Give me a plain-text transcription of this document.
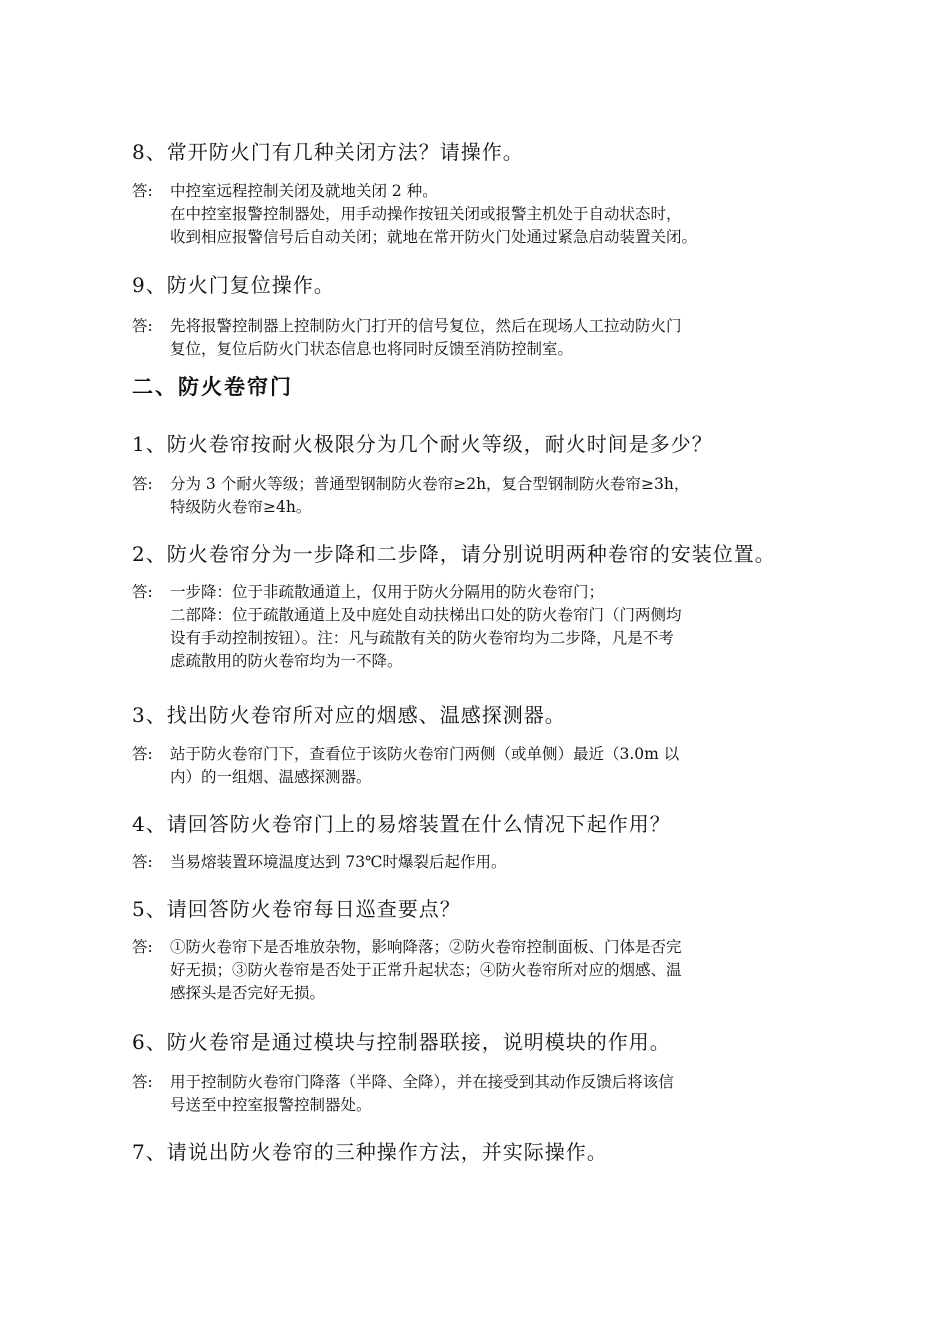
8、常开防火门有几种关闭方法？请操作。
答:	中控室远程控制关闭及就地关闭 2 种。
在中控室报警控制器处，用手动操作按钮关闭或报警主机处于自动状态时，
收到相应报警信号后自动关闭；就地在常开防火门处通过紧急启动装置关闭。
9、防火门复位操作。
答:	先将报警控制器上控制防火门打开的信号复位，然后在现场人工拉动防火门
复位，复位后防火门状态信息也将同时反馈至消防控制室。
二、防火卷帘门
1、防火卷帘按耐火极限分为几个耐火等级，耐火时间是多少？
答:	分为 3 个耐火等级；普通型钢制防火卷帘≥2h，复合型钢制防火卷帘≥3h，
特级防火卷帘≥4h。
2、防火卷帘分为一步降和二步降，请分别说明两种卷帘的安装位置。
答:	一步降：位于非疏散通道上，仅用于防火分隔用的防火卷帘门；
二部降：位于疏散通道上及中庭处自动扶梯出口处的防火卷帘门（门两侧均
设有手动控制按钮）。注：凡与疏散有关的防火卷帘均为二步降，凡是不考
虑疏散用的防火卷帘均为一不降。
3、找出防火卷帘所对应的烟感、温感探测器。
答:	站于防火卷帘门下，查看位于该防火卷帘门两侧（或单侧）最近（3.0m 以
内）的一组烟、温感探测器。
4、请回答防火卷帘门上的易熔装置在什么情况下起作用？
答:	当易熔装置环境温度达到 73℃时爆裂后起作用。
5、请回答防火卷帘每日巡查要点？
答:	①防火卷帘下是否堆放杂物，影响降落；②防火卷帘控制面板、门体是否完
好无损；③防火卷帘是否处于正常升起状态；④防火卷帘所对应的烟感、温
感探头是否完好无损。
6、防火卷帘是通过模块与控制器联接，说明模块的作用。
答:	用于控制防火卷帘门降落（半降、全降），并在接受到其动作反馈后将该信
号送至中控室报警控制器处。
7、请说出防火卷帘的三种操作方法，并实际操作。
